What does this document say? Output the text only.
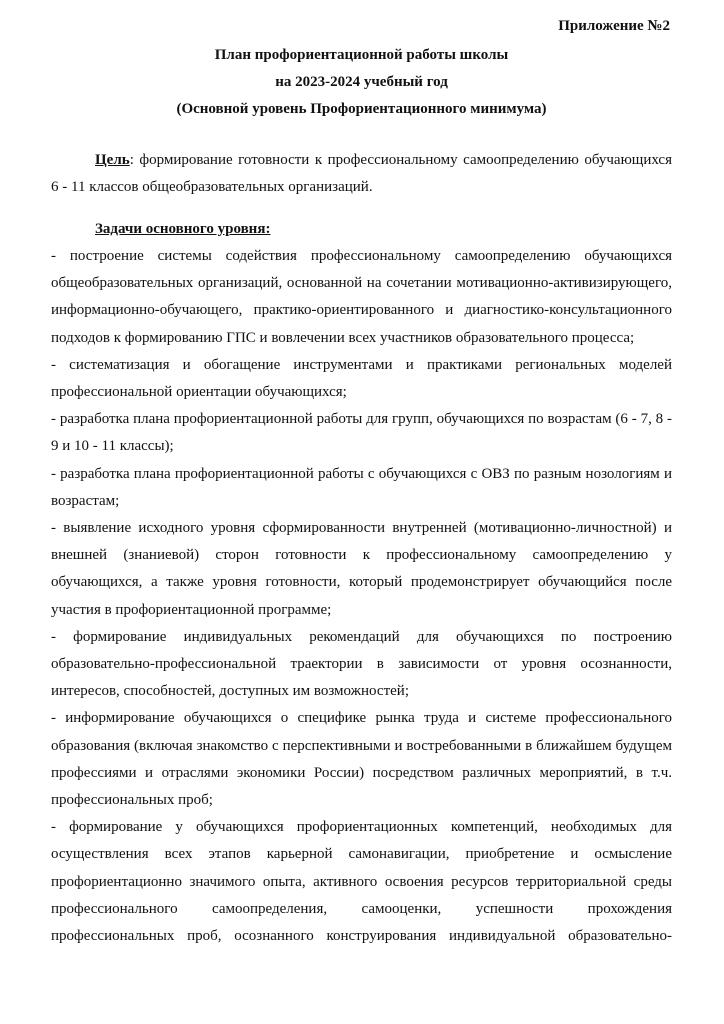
Приложение №2
План профориентационной работы школы
на 2023-2024 учебный год
(Основной уровень Профориентационного минимума)

Цель: формирование готовности к профессиональному самоопределению обучающихся 6 - 11 классов общеобразовательных организаций.

Задачи основного уровня:

- построение системы содействия профессиональному самоопределению обучающихся общеобразовательных организаций, основанной на сочетании мотивационно-активизирующего, информационно-обучающего, практико-ориентированного и диагностико-консультационного подходов к формированию ГПС и вовлечении всех участников образовательного процесса;

- систематизация и обогащение инструментами и практиками региональных моделей профессиональной ориентации обучающихся;

- разработка плана профориентационной работы для групп, обучающихся по возрастам (6 - 7, 8 - 9 и 10 - 11 классы);

- разработка плана профориентационной работы с обучающихся с ОВЗ по разным нозологиям и возрастам;

- выявление исходного уровня сформированности внутренней (мотивационно-личностной) и внешней (знаниевой) сторон готовности к профессиональному самоопределению у обучающихся, а также уровня готовности, который продемонстрирует обучающийся после участия в профориентационной программе;

- формирование индивидуальных рекомендаций для обучающихся по построению образовательно-профессиональной траектории в зависимости от уровня осознанности, интересов, способностей, доступных им возможностей;

- информирование обучающихся о специфике рынка труда и системе профессионального образования (включая знакомство с перспективными и востребованными в ближайшем будущем профессиями и отраслями экономики России) посредством различных мероприятий, в т.ч. профессиональных проб;

- формирование у обучающихся профориентационных компетенций, необходимых для осуществления всех этапов карьерной самонавигации, приобретение и осмысление профориентационно значимого опыта, активного освоения ресурсов территориальной среды профессионального самоопределения, самооценки, успешности прохождения профессиональных проб, осознанного конструирования индивидуальной образовательно-
